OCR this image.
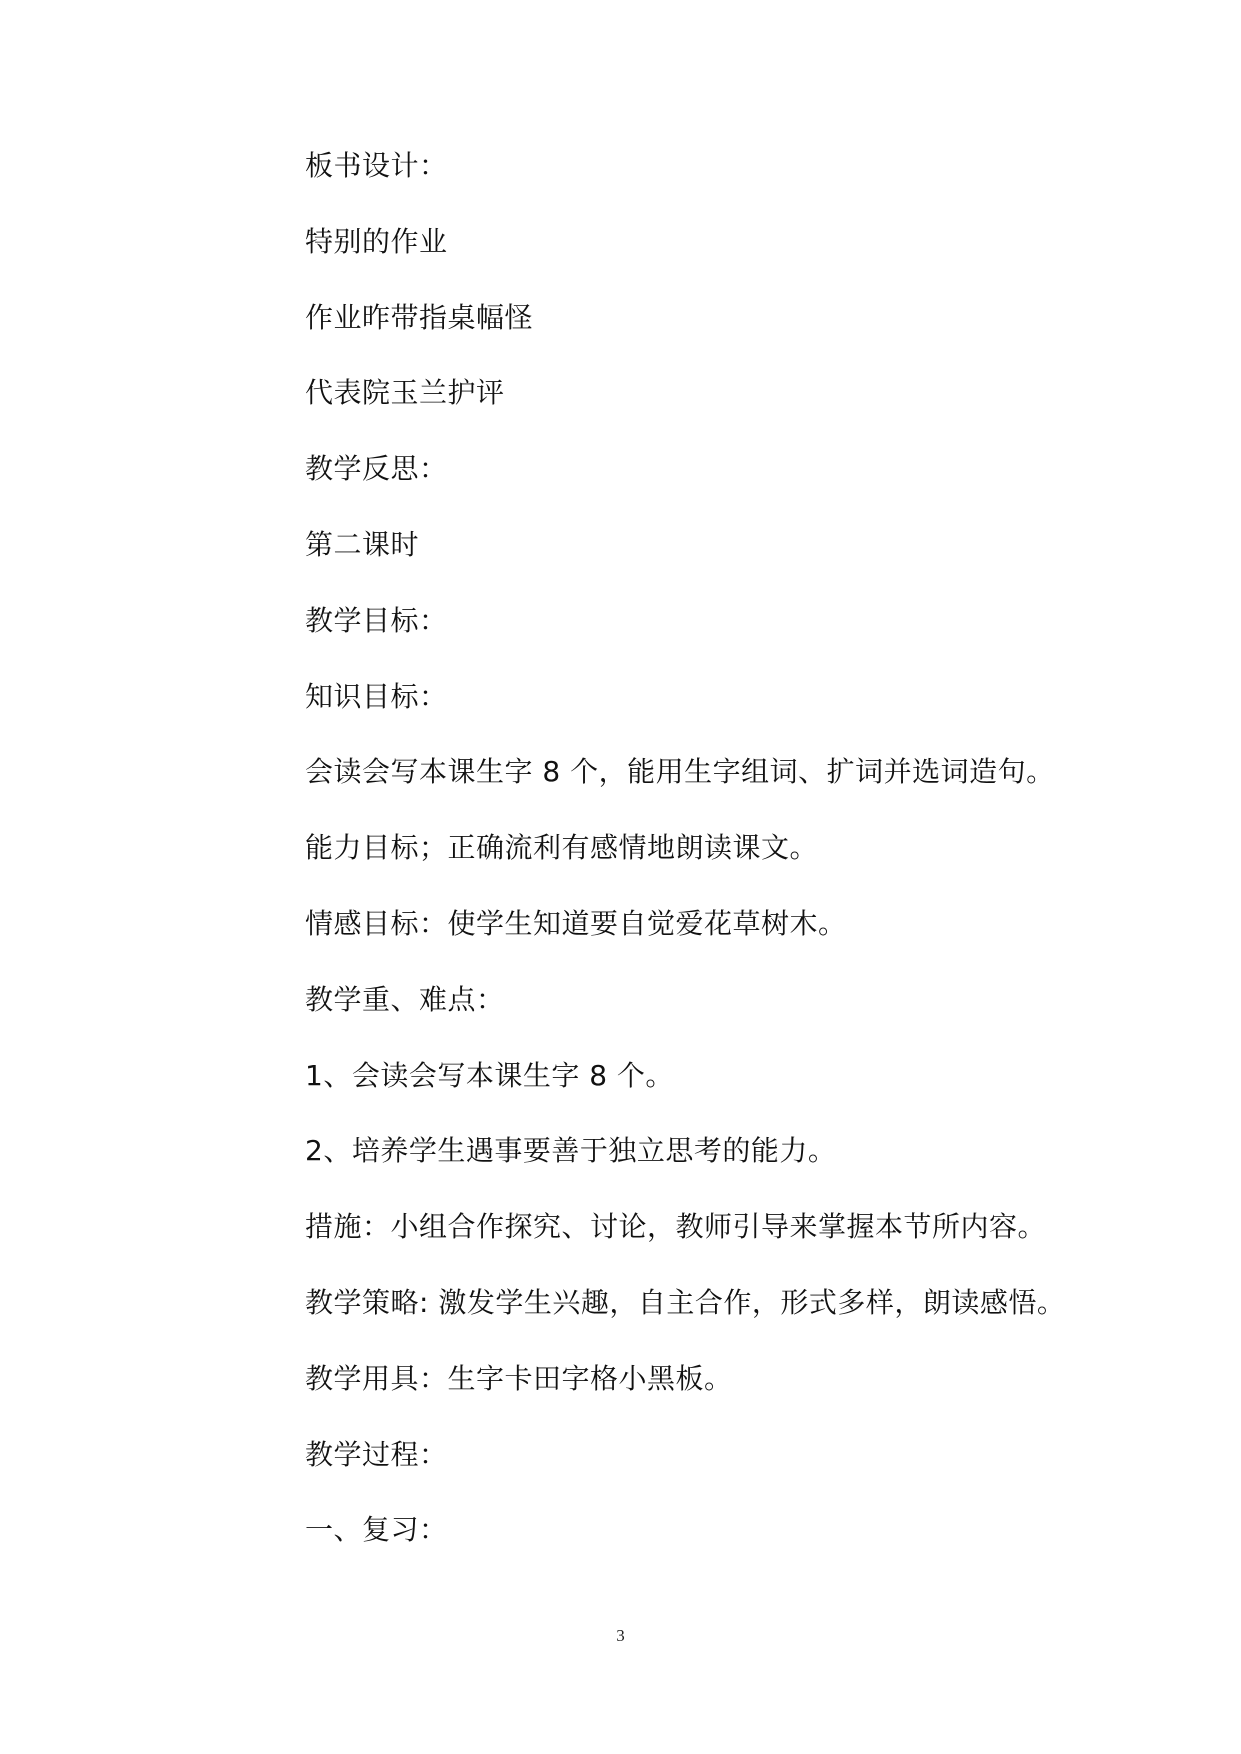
板书设计：
特别的作业
作业昨带指桌幅怪
代表院玉兰护评
教学反思：
第二课时
教学目标：
知识目标：
会读会写本课生字 8 个，能用生字组词、扩词并选词造句。
能力目标；正确流利有感情地朗读课文。
情感目标：使学生知道要自觉爱花草树木。
教学重、难点：
1、会读会写本课生字 8 个。
2、培养学生遇事要善于独立思考的能力。
措施：小组合作探究、讨论，教师引导来掌握本节所内容。
教学策略: 激发学生兴趣，自主合作，形式多样，朗读感悟。
教学用具：生字卡田字格小黑板。
教学过程：
一、复习：
3
